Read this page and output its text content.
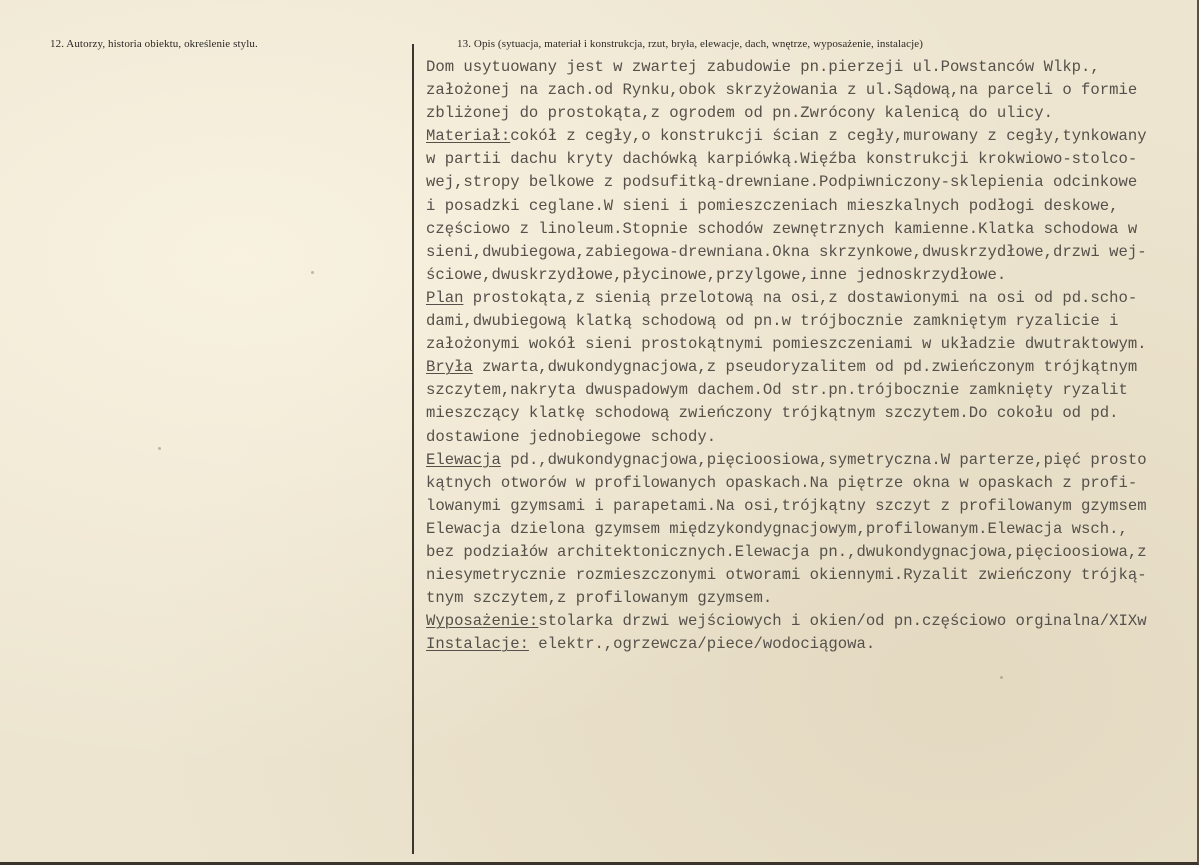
12. Autorzy, historia obiektu, określenie stylu.	13. Opis (sytuacja, materiał i konstrukcja, rzut, bryła, elewacje, dach, wnętrze, wyposażenie, instalacje)
Dom usytuowany jest w zwartej zabudowie pn.pierzeji ul.Powstanców Wlkp.,
założonej na zach.od Rynku,obok skrzyżowania z ul.Sądową,na parceli o formie
zbliżonej do prostokąta,z ogrodem od pn.Zwrócony kalenicą do ulicy.
Materiał:cokół z cegły,o konstrukcji ścian z cegły,murowany z cegły,tynkowany
w partii dachu kryty dachówką karpiówką.Więźba konstrukcji krokwiowo-stolco-
wej,stropy belkowe z podsufitką-drewniane.Podpiwniczony-sklepienia odcinkowe
i posadzki ceglane.W sieni i pomieszczeniach mieszkalnych podłogi deskowe,
częściowo z linoleum.Stopnie schodów zewnętrznych kamienne.Klatka schodowa w
sieni,dwubiegowa,zabiegowa-drewniana.Okna skrzynkowe,dwuskrzydłowe,drzwi wej-
ściowe,dwuskrzydłowe,płycinowe,przylgowe,inne jednoskrzydłowe.
Plan prostokąta,z sienią przelotową na osi,z dostawionymi na osi od pd.scho-
dami,dwubiegową klatką schodową od pn.w trójbocznie zamkniętym ryzalicie i
założonymi wokół sieni prostokątnymi pomieszczeniami w układzie dwutraktowym.
Bryła zwarta,dwukondygnacjowa,z pseudoryzalitem od pd.zwieńczonym trójkątnym
szczytem,nakryta dwuspadowym dachem.Od str.pn.trójbocznie zamknięty ryzalit
mieszczący klatkę schodową zwieńczony trójkątnym szczytem.Do cokołu od pd.
dostawione jednobiegowe schody.
Elewacja pd.,dwukondygnacjowa,pięcioosiowa,symetryczna.W parterze,pięć prosto
kątnych otworów w profilowanych opaskach.Na piętrze okna w opaskach z profi-
lowanymi gzymsami i parapetami.Na osi,trójkątny szczyt z profilowanym gzymsem
Elewacja dzielona gzymsem międzykondygnacjowym,profilowanym.Elewacja wsch.,
bez podziałów architektonicznych.Elewacja pn.,dwukondygnacjowa,pięcioosiowa,z
niesymetrycznie rozmieszczonymi otworami okiennymi.Ryzalit zwieńczony trójką-
tnym szczytem,z profilowanym gzymsem.
Wyposażenie:stolarka drzwi wejściowych i okien/od pn.częściowo orginalna/XIXw
Instalacje: elektr.,ogrzewcza/piece/wodociągowa.
